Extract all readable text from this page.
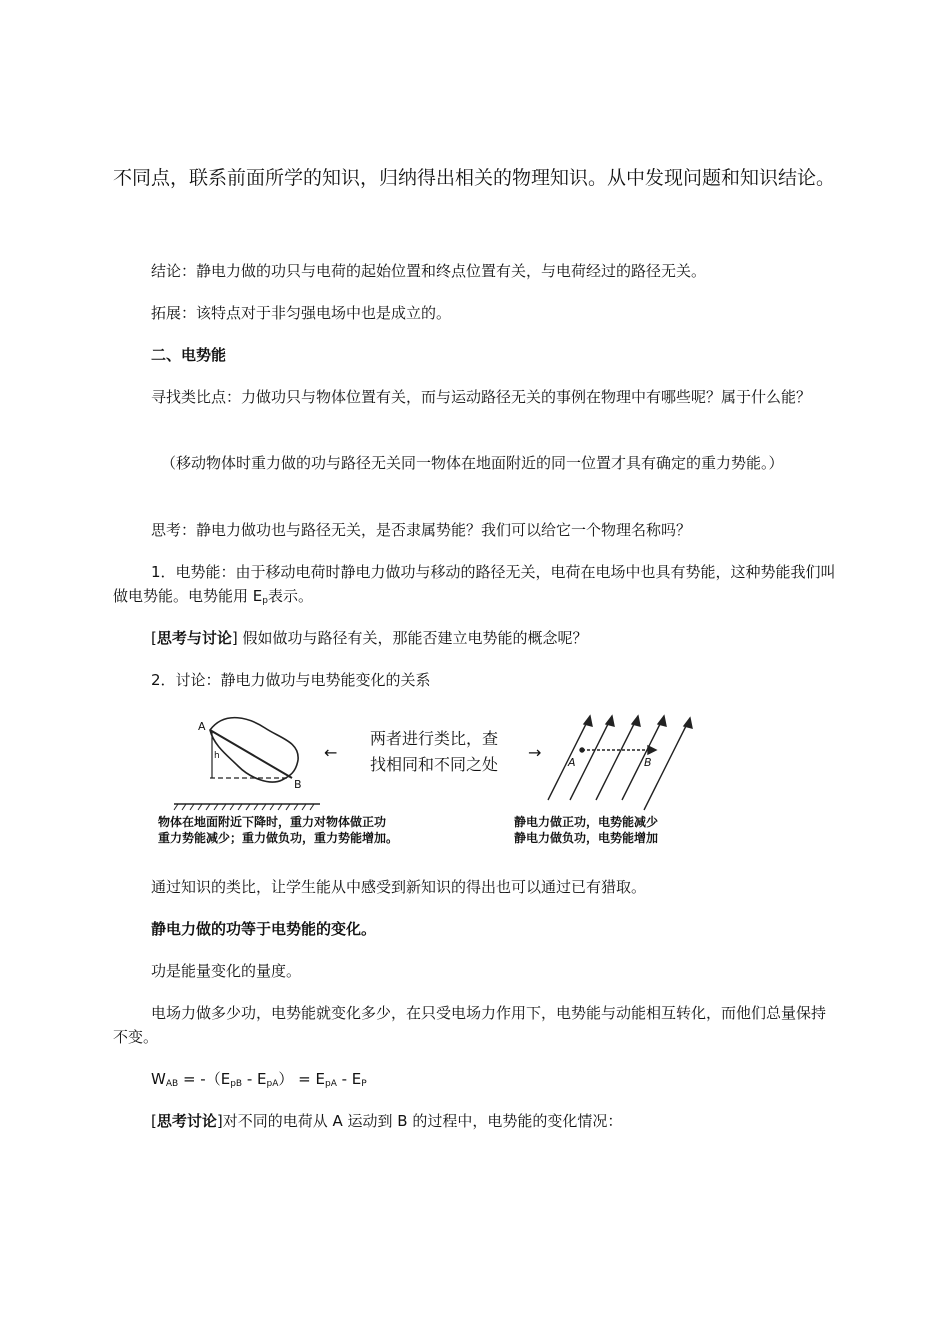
不同点，联系前面所学的知识，归纳得出相关的物理知识。从中发现问题和知识结论。

结论：静电力做的功只与电荷的起始位置和终点位置有关，与电荷经过的路径无关。

拓展：该特点对于非匀强电场中也是成立的。

二、电势能

寻找类比点：力做功只与物体位置有关，而与运动路径无关的事例在物理中有哪些呢？属于什么能？

（移动物体时重力做的功与路径无关同一物体在地面附近的同一位置才具有确定的重力势能。）

思考：静电力做功也与路径无关，是否隶属势能？我们可以给它一个物理名称吗？

1．电势能：由于移动电荷时静电力做功与移动的路径无关，电荷在电场中也具有势能，这种势能我们叫做电势能。电势能用 $E_p$表示。

[思考与讨论] 假如做功与路径有关，那能否建立电势能的概念呢？

2．讨论：静电力做功与电势能变化的关系

A
h
B
物体在地面附近下降时，重力对物体做正功
重力势能减少；重力做负功，重力势能增加。
←
两者进行类比，查
找相同和不同之处
→
A	B
静电力做正功，电势能减少
静电力做负功，电势能增加

通过知识的类比，让学生能从中感受到新知识的得出也可以通过已有猎取。

静电力做的功等于电势能的变化。

功是能量变化的量度。

电场力做多少功，电势能就变化多少，在只受电场力作用下，电势能与动能相互转化，而他们总量保持不变。

$W_{AB} = -(E_{pB} - E_{pA}) = E_{pA} - E_P$

[思考讨论]对不同的电荷从 A 运动到 B 的过程中，电势能的变化情况：
